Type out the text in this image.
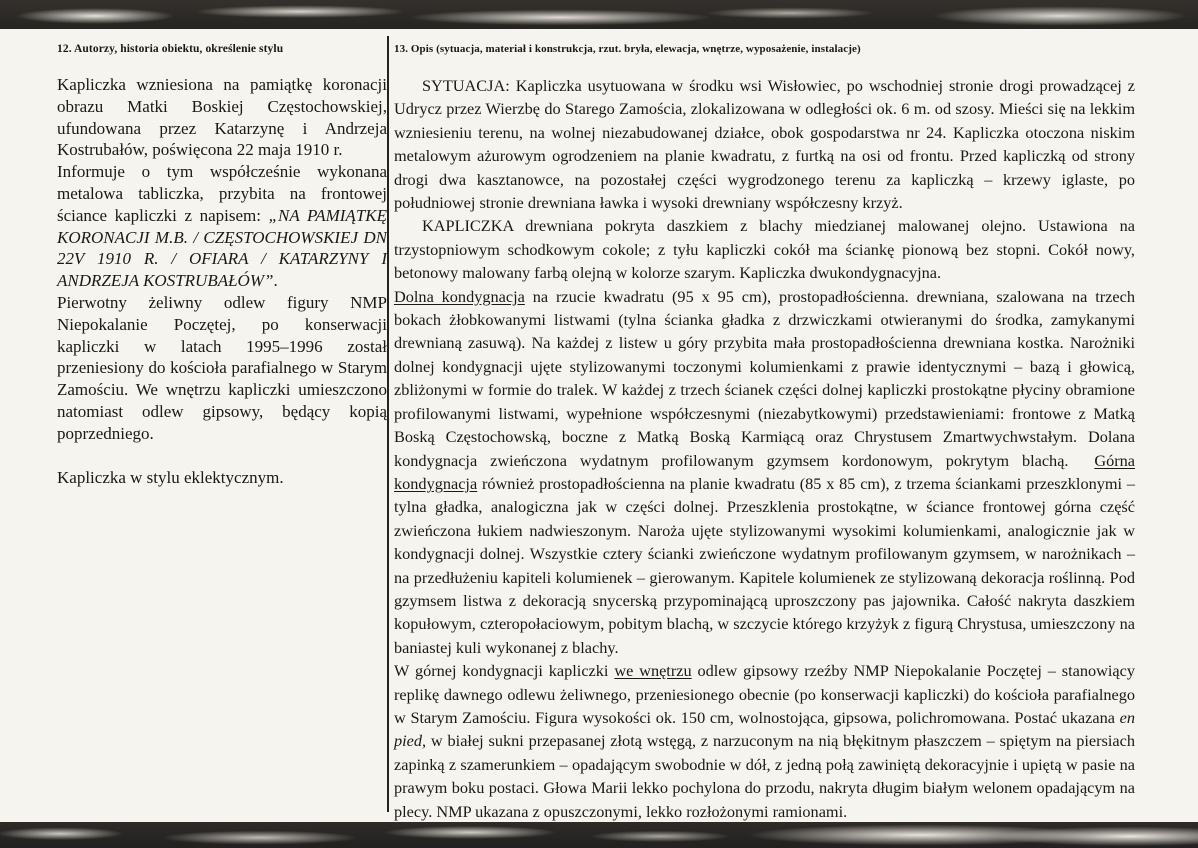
12. Autorzy, historia obiektu, określenie stylu

Kapliczka wzniesiona na pamiątkę koronacji obrazu Matki Boskiej Częstochowskiej, ufundowana przez Katarzynę i Andrzeja Kostrubałów, poświęcona 22 maja 1910 r.

Informuje o tym współcześnie wykonana metalowa tabliczka, przybita na frontowej ściance kapliczki z napisem: „NA PAMIĄTKĘ KORONACJI M.B. / CZĘSTOCHOWSKIEJ DN 22V 1910 R. / OFIARA / KATARZYNY I ANDRZEJA KOSTRUBAŁÓW”.

Pierwotny żeliwny odlew figury NMP Niepokalanie Poczętej, po konserwacji kapliczki w latach 1995–1996 został przeniesiony do kościoła parafialnego w Starym Zamościu. We wnętrzu kapliczki umieszczono natomiast odlew gipsowy, będący kopią poprzedniego.

Kapliczka w stylu eklektycznym.

13. Opis (sytuacja, materiał i konstrukcja, rzut. bryła, elewacja, wnętrze, wyposażenie, instalacje)

SYTUACJA: Kapliczka usytuowana w środku wsi Wisłowiec, po wschodniej stronie drogi prowadzącej z Udrycz przez Wierzbę do Starego Zamościa, zlokalizowana w odległości ok. 6 m. od szosy. Mieści się na lekkim wzniesieniu terenu, na wolnej niezabudowanej działce, obok gospodarstwa nr 24. Kapliczka otoczona niskim metalowym ażurowym ogrodzeniem na planie kwadratu, z furtką na osi od frontu. Przed kapliczką od strony drogi dwa kasztanowce, na pozostałej części wygrodzonego terenu za kapliczką – krzewy iglaste, po południowej stronie drewniana ławka i wysoki drewniany współczesny krzyż.

KAPLICZKA drewniana pokryta daszkiem z blachy miedzianej malowanej olejno. Ustawiona na trzystopniowym schodkowym cokole; z tyłu kapliczki cokół ma ściankę pionową bez stopni. Cokół nowy, betonowy malowany farbą olejną w kolorze szarym. Kapliczka dwukondygnacyjna.

Dolna kondygnacja na rzucie kwadratu (95 x 95 cm), prostopadłościenna. drewniana, szalowana na trzech bokach żłobkowanymi listwami (tylna ścianka gładka z drzwiczkami otwieranymi do środka, zamykanymi drewnianą zasuwą). Na każdej z listew u góry przybita mała prostopadłościenna drewniana kostka. Narożniki dolnej kondygnacji ujęte stylizowanymi toczonymi kolumienkami z prawie identycznymi – bazą i głowicą, zbliżonymi w formie do tralek. W każdej z trzech ścianek części dolnej kapliczki prostokątne płyciny obramione profilowanymi listwami, wypełnione współczesnymi (niezabytkowymi) przedstawieniami: frontowe z Matką Boską Częstochowską, boczne z Matką Boską Karmiącą oraz Chrystusem Zmartwychwstałym. Dolana kondygnacja zwieńczona wydatnym profilowanym gzymsem kordonowym, pokrytym blachą.  Górna kondygnacja również prostopadłościenna na planie kwadratu (85 x 85 cm), z trzema ściankami przeszklonymi – tylna gładka, analogiczna jak w części dolnej. Przeszklenia prostokątne, w ściance frontowej górna część zwieńczona łukiem nadwieszonym. Naroża ujęte stylizowanymi wysokimi kolumienkami, analogicznie jak w kondygnacji dolnej. Wszystkie cztery ścianki zwieńczone wydatnym profilowanym gzymsem, w narożnikach – na przedłużeniu kapiteli kolumienek – gierowanym. Kapitele kolumienek ze stylizowaną dekoracja roślinną. Pod gzymsem listwa z dekoracją snycerską przypominającą uproszczony pas jajownika. Całość nakryta daszkiem kopułowym, czteropołaciowym, pobitym blachą, w szczycie którego krzyżyk z figurą Chrystusa, umieszczony na baniastej kuli wykonanej z blachy.

W górnej kondygnacji kapliczki we wnętrzu odlew gipsowy rzeźby NMP Niepokalanie Poczętej – stanowiący replikę dawnego odlewu żeliwnego, przeniesionego obecnie (po konserwacji kapliczki) do kościoła parafialnego w Starym Zamościu. Figura wysokości ok. 150 cm, wolnostojąca, gipsowa, polichromowana. Postać ukazana en pied, w białej sukni przepasanej złotą wstęgą, z narzuconym na nią błękitnym płaszczem – spiętym na piersiach zapinką z szamerunkiem – opadającym swobodnie w dół, z jedną połą zawiniętą dekoracyjnie i upiętą w pasie na prawym boku postaci. Głowa Marii lekko pochylona do przodu, nakryta długim białym welonem opadającym na plecy. NMP ukazana z opuszczonymi, lekko rozłożonymi ramionami.
